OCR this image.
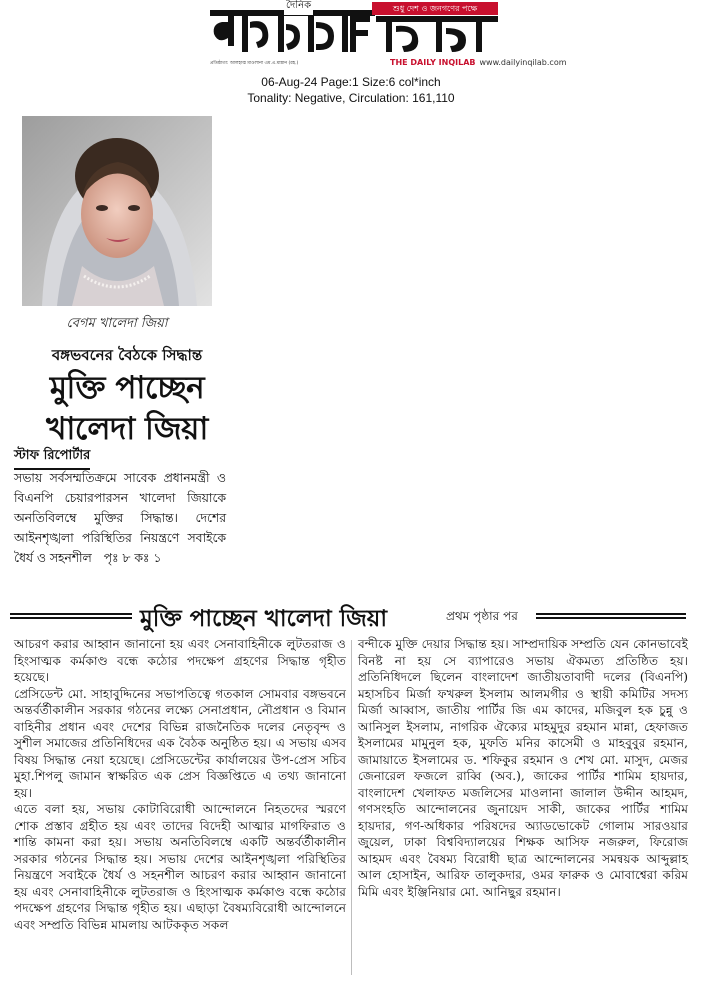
দৈনিক	শুধু দেশ ও জনগণের পক্ষে
THE DAILY INQILAB www.dailyinqilab.com
প্রতিষ্ঠাতা: আলহাজ্ব মাওলানা এম.এ.মান্নান (রহ.)
06-Aug-24 Page:1 Size:6 col*inch
Tonality: Negative, Circulation: 161,110
বেগম খালেদা জিয়া
বঙ্গভবনের বৈঠকে সিদ্ধান্ত
মুক্তি পাচ্ছেন
খালেদা জিয়া
স্টাফ রিপোর্টার
সভায় সর্বসম্মতিক্রমে সাবেক প্রধানমন্ত্রী ও বিএনপি চেয়ারপারসন খালেদা জিয়াকে অনতিবিলম্বে মুক্তির সিদ্ধান্ত। দেশের আইনশৃঙ্খলা পরিস্থিতির নিয়ন্ত্রণে সবাইকে ধৈর্য ও সহনশীল পৃঃ ৮ কঃ ১
মুক্তি পাচ্ছেন খালেদা জিয়া	প্রথম পৃষ্ঠার পর

আচরণ করার আহ্বান জানানো হয় এবং সেনাবাহিনীকে লুটতরাজ ও হিংসাত্মক কর্মকাণ্ড বন্ধে কঠোর পদক্ষেপ গ্রহণের সিদ্ধান্ত গৃহীত হয়েছে।

প্রেসিডেন্ট মো. সাহাবুদ্দিনের সভাপতিত্বে গতকাল সোমবার বঙ্গভবনে অন্তর্বর্তীকালীন সরকার গঠনের লক্ষ্যে সেনাপ্রধান, নৌপ্রধান ও বিমান বাহিনীর প্রধান এবং দেশের বিভিন্ন রাজনৈতিক দলের নেতৃবৃন্দ ও সুশীল সমাজের প্রতিনিধিদের এক বৈঠক অনুষ্ঠিত হয়। এ সভায় এসব বিষয় সিদ্ধান্ত নেয়া হয়েছে। প্রেসিডেন্টের কার্যালয়ের উপ-প্রেস সচিব মুহা.শিপলু জামান স্বাক্ষরিত এক প্রেস বিজ্ঞপ্তিতে এ তথ্য জানানো হয়।

এতে বলা হয়, সভায় কোটাবিরোধী আন্দোলনে নিহতদের স্মরণে শোক প্রস্তাব গ্রহীত হয় এবং তাদের বিদেহী আত্মার মাগফিরাত ও শান্তি কামনা করা হয়। সভায় অনতিবিলম্বে একটি অন্তর্বর্তীকালীন সরকার গঠনের সিদ্ধান্ত হয়। সভায় দেশের আইনশৃঙ্খলা পরিস্থিতির নিয়ন্ত্রণে সবাইকে ধৈর্য ও সহনশীল আচরণ করার আহ্বান জানানো হয় এবং সেনাবাহিনীকে লুটতরাজ ও হিংসাত্মক কর্মকাণ্ড বন্ধে কঠোর পদক্ষেপ গ্রহণের সিদ্ধান্ত গৃহীত হয়। এছাড়া বৈষম্যবিরোধী আন্দোলনে এবং সম্প্রতি বিভিন্ন মামলায় আটককৃত সকল

বন্দীকে মুক্তি দেয়ার সিদ্ধান্ত হয়। সাম্প্রদায়িক সম্প্রতি যেন কোনভাবেই বিনষ্ট না হয় সে ব্যাপারেও সভায় ঐকমত্য প্রতিষ্ঠিত হয়। প্রতিনিধিদলে ছিলেন বাংলাদেশ জাতীয়তাবাদী দলের (বিএনপি) মহাসচিব মির্জা ফখরুল ইসলাম আলমগীর ও স্থায়ী কমিটির সদস্য মির্জা আব্বাস, জাতীয় পার্টির জি এম কাদের, মজিবুল হক চুন্নু ও আনিসুল ইসলাম, নাগরিক ঐক্যের মাহমুদুর রহমান মান্না, হেফাজত ইসলামের মামুনুল হক, মুফতি মনির কাসেমী ও মাহবুবুর রহমান, জামায়াতে ইসলামের ড. শফিকুর রহমান ও শেখ মো. মাসুদ, মেজর জেনারেল ফজলে রাব্বি (অব.), জাকের পার্টির শামিম হায়দার, বাংলাদেশ খেলাফত মজলিসের মাওলানা জালাল উদ্দীন আহমদ, গণসংহতি আন্দোলনের জুনায়েদ সাকী, জাকের পার্টির শামিম হায়দার, গণ-অধিকার পরিষদের অ্যাডভোকেট গোলাম সারওয়ার জুয়েল, ঢাকা বিশ্ববিদ্যালয়ের শিক্ষক আসিফ নজরুল, ফিরোজ আহমদ এবং বৈষম্য বিরোধী ছাত্র আন্দোলনের সমন্বয়ক আব্দুল্লাহ আল হোসাইন, আরিফ তালুকদার, ওমর ফারুক ও মোবাশ্বেরা করিম মিমি এবং ইঞ্জিনিয়ার মো. আনিছুর রহমান।
